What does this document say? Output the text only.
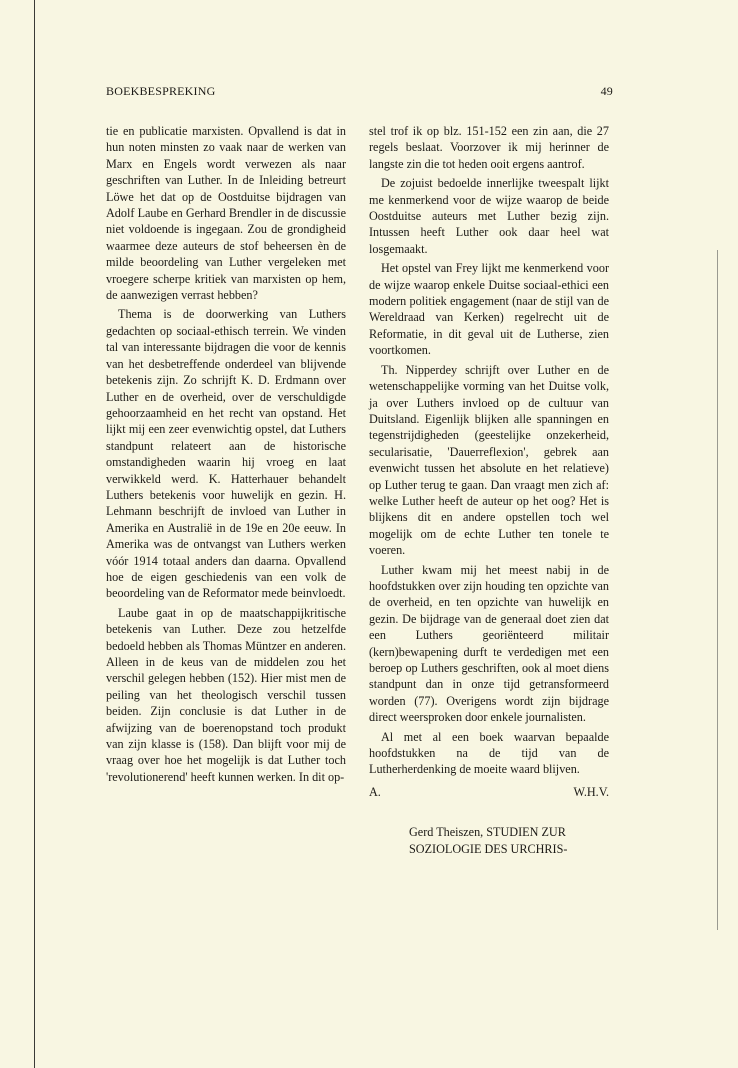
BOEKBESPREKING	49

tie en publicatie marxisten. Opvallend is dat in hun noten minsten zo vaak naar de werken van Marx en Engels wordt verwezen als naar geschriften van Luther. In de Inleiding betreurt Löwe het dat op de Oostduitse bijdragen van Adolf Laube en Gerhard Brendler in de discussie niet voldoende is ingegaan. Zou de grondigheid waarmee deze auteurs de stof beheersen èn de milde beoordeling van Luther vergeleken met vroegere scherpe kritiek van marxisten op hem, de aanwezigen verrast hebben?

Thema is de doorwerking van Luthers gedachten op sociaal-ethisch terrein. We vinden tal van interessante bijdragen die voor de kennis van het desbetreffende onderdeel van blijvende betekenis zijn. Zo schrijft K. D. Erdmann over Luther en de overheid, over de verschuldigde gehoorzaamheid en het recht van opstand. Het lijkt mij een zeer evenwichtig opstel, dat Luthers standpunt relateert aan de historische omstandigheden waarin hij vroeg en laat verwikkeld werd. K. Hatterhauer behandelt Luthers betekenis voor huwelijk en gezin. H. Lehmann beschrijft de invloed van Luther in Amerika en Australië in de 19e en 20e eeuw. In Amerika was de ontvangst van Luthers werken vóór 1914 totaal anders dan daarna. Opvallend hoe de eigen geschiedenis van een volk de beoordeling van de Reformator mede beinvloedt.

Laube gaat in op de maatschappijkritische betekenis van Luther. Deze zou hetzelfde bedoeld hebben als Thomas Müntzer en anderen. Alleen in de keus van de middelen zou het verschil gelegen hebben (152). Hier mist men de peiling van het theologisch verschil tussen beiden. Zijn conclusie is dat Luther in de afwijzing van de boerenopstand toch produkt van zijn klasse is (158). Dan blijft voor mij de vraag over hoe het mogelijk is dat Luther toch 'revolutionerend' heeft kunnen werken. In dit op-

stel trof ik op blz. 151-152 een zin aan, die 27 regels beslaat. Voorzover ik mij herinner de langste zin die tot heden ooit ergens aantrof.

De zojuist bedoelde innerlijke tweespalt lijkt me kenmerkend voor de wijze waarop de beide Oostduitse auteurs met Luther bezig zijn. Intussen heeft Luther ook daar heel wat losgemaakt.

Het opstel van Frey lijkt me kenmerkend voor de wijze waarop enkele Duitse sociaal-ethici een modern politiek engagement (naar de stijl van de Wereldraad van Kerken) regelrecht uit de Reformatie, in dit geval uit de Lutherse, zien voortkomen.

Th. Nipperdey schrijft over Luther en de wetenschappelijke vorming van het Duitse volk, ja over Luthers invloed op de cultuur van Duitsland. Eigenlijk blijken alle spanningen en tegenstrijdigheden (geestelijke onzekerheid, secularisatie, 'Dauerreflexion', gebrek aan evenwicht tussen het absolute en het relatieve) op Luther terug te gaan. Dan vraagt men zich af: welke Luther heeft de auteur op het oog? Het is blijkens dit en andere opstellen toch wel mogelijk om de echte Luther ten tonele te voeren.

Luther kwam mij het meest nabij in de hoofdstukken over zijn houding ten opzichte van de overheid, en ten opzichte van huwelijk en gezin. De bijdrage van de generaal doet zien dat een Luthers georiënteerd militair (kern)bewapening durft te verdedigen met een beroep op Luthers geschriften, ook al moet diens standpunt dan in onze tijd getransformeerd worden (77). Overigens wordt zijn bijdrage direct weersproken door enkele journalisten.

Al met al een boek waarvan bepaalde hoofdstukken na de tijd van de Lutherherdenking de moeite waard blijven.

A.	W.H.V.
Gerd Theiszen, STUDIEN ZUR
SOZIOLOGIE DES URCHRIS-
